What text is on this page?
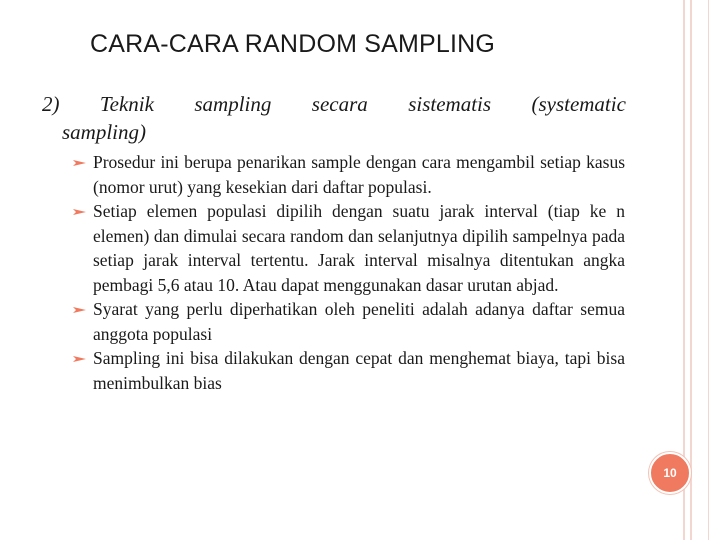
CARA-CARA RANDOM SAMPLING
2) Teknik sampling secara sistematis (systematic
sampling)
Prosedur ini berupa penarikan sample dengan cara mengambil setiap kasus (nomor urut) yang kesekian dari daftar populasi.
Setiap elemen populasi dipilih dengan suatu jarak interval (tiap ke n elemen) dan dimulai secara random dan selanjutnya dipilih sampelnya pada setiap jarak interval tertentu. Jarak interval misalnya ditentukan angka pembagi 5,6 atau 10. Atau dapat menggunakan dasar urutan abjad.
Syarat yang perlu diperhatikan oleh peneliti adalah adanya daftar semua anggota populasi
Sampling ini bisa dilakukan dengan cepat dan menghemat biaya, tapi bisa menimbulkan bias
10
